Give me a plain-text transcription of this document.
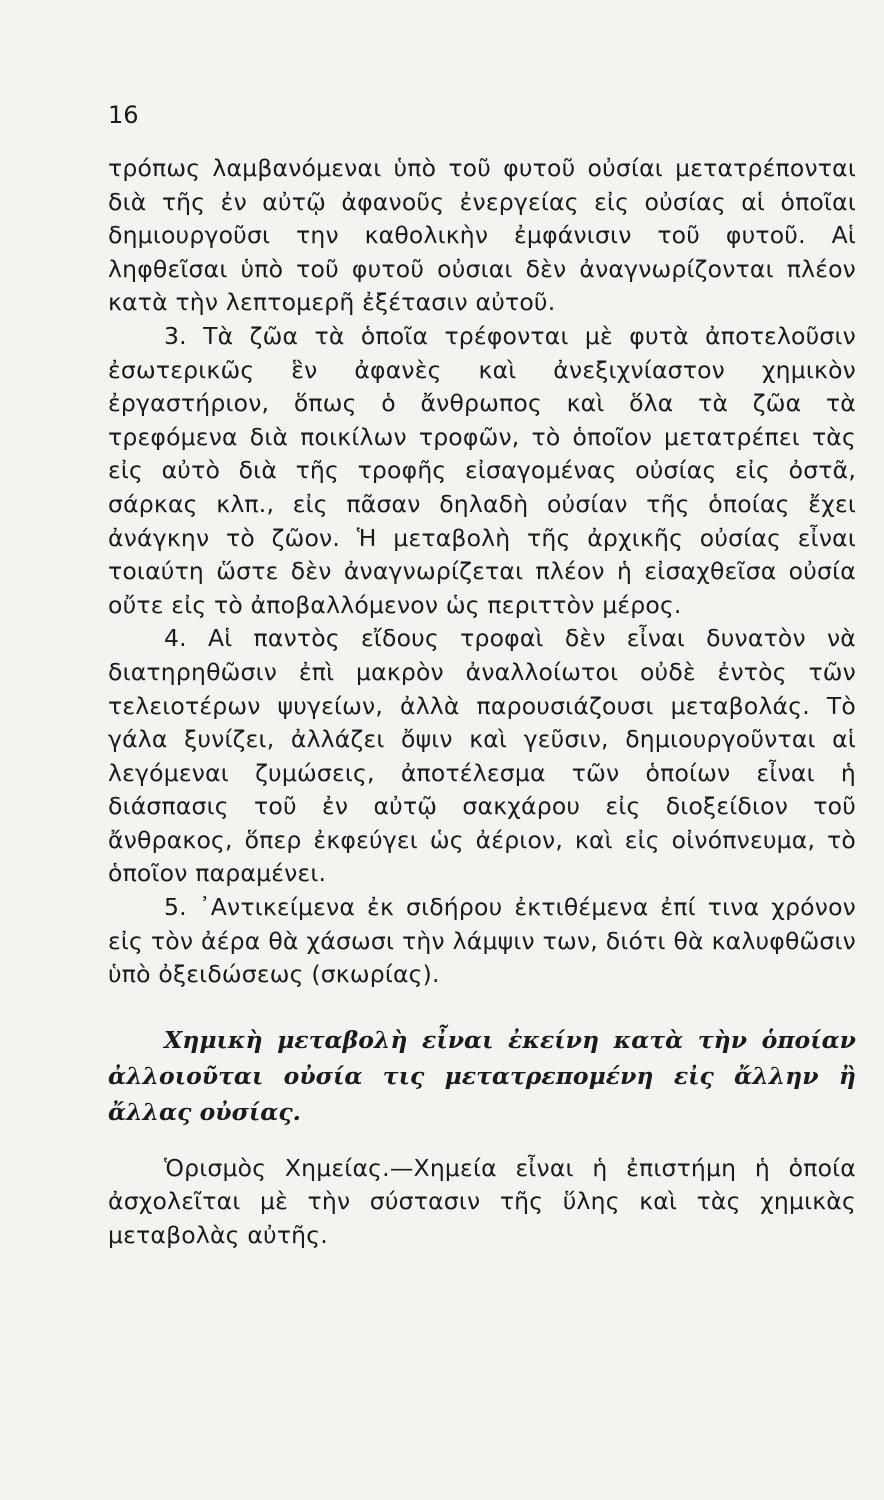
16

τρόπως λαμβανόμεναι ὑπὸ τοῦ φυτοῦ οὐσίαι μετατρέπονται διὰ τῆς ἐν αὐτῷ ἀφανοῦς ἐνεργείας εἰς οὐσίας αἱ ὁποῖαι δημιουργοῦσι την καθολικὴν ἐμφάνισιν τοῦ φυτοῦ. Αἱ ληφθεῖσαι ὑπὸ τοῦ φυτοῦ οὐσιαι δὲν ἀναγνωρίζονται πλέον κατὰ τὴν λεπτομερῆ ἐξέτασιν αὐτοῦ.

3. Τὰ ζῶα τὰ ὁποῖα τρέφονται μὲ φυτὰ ἀποτελοῦσιν ἐσωτερικῶς ἓν ἀφανὲς καὶ ἀνεξιχνίαστον χημικὸν ἐργαστήριον, ὅπως ὁ ἄνθρωπος καὶ ὅλα τὰ ζῶα τὰ τρεφόμενα διὰ ποικίλων τροφῶν, τὸ ὁποῖον μετατρέπει τὰς εἰς αὐτὸ διὰ τῆς τροφῆς εἰσαγομένας οὐσίας εἰς ὀστᾶ, σάρκας κλπ., εἰς πᾶσαν δηλαδὴ οὐσίαν τῆς ὁποίας ἔχει ἀνάγκην τὸ ζῶον. Ἡ μεταβολὴ τῆς ἀρχικῆς οὐσίας εἶναι τοιαύτη ὥστε δὲν ἀναγνωρίζεται πλέον ἡ εἰσαχθεῖσα οὐσία οὔτε εἰς τὸ ἀποβαλλόμενον ὡς περιττὸν μέρος.

4. Αἱ παντὸς εἴδους τροφαὶ δὲν εἶναι δυνατὸν νὰ διατηρηθῶσιν ἐπὶ μακρὸν ἀναλλοίωτοι οὐδὲ ἐντὸς τῶν τελειοτέρων ψυγείων, ἀλλὰ παρουσιάζουσι μεταβολάς. Τὸ γάλα ξυνίζει, ἀλλάζει ὄψιν καὶ γεῦσιν, δημιουργοῦνται αἱ λεγόμεναι ζυμώσεις, ἀποτέλεσμα τῶν ὁποίων εἶναι ἡ διάσπασις τοῦ ἐν αὐτῷ σακχάρου εἰς διοξείδιον τοῦ ἄνθρακος, ὅπερ ἐκφεύγει ὡς ἀέριον, καὶ εἰς οἰνόπνευμα, τὸ ὁποῖον παραμένει.

5. ᾿Αντικείμενα ἐκ σιδήρου ἐκτιθέμενα ἐπί τινα χρόνον εἰς τὸν ἀέρα θὰ χάσωσι τὴν λάμψιν των, διότι θὰ καλυφθῶσιν ὑπὸ ὀξειδώσεως (σκωρίας).

Χημικὴ μεταβολὴ εἶναι ἐκείνη κατὰ τὴν ὁποίαν ἀλλοιοῦται οὐσία τις μετατρεπομένη εἰς ἄλλην ἢ ἄλλας οὐσίας.

Ὁρισμὸς Χημείας.—Χημεία εἶναι ἡ ἐπιστήμη ἡ ὁποία ἀσχολεῖται μὲ τὴν σύστασιν τῆς ὕλης καὶ τὰς χημικὰς μεταβολὰς αὐτῆς.
